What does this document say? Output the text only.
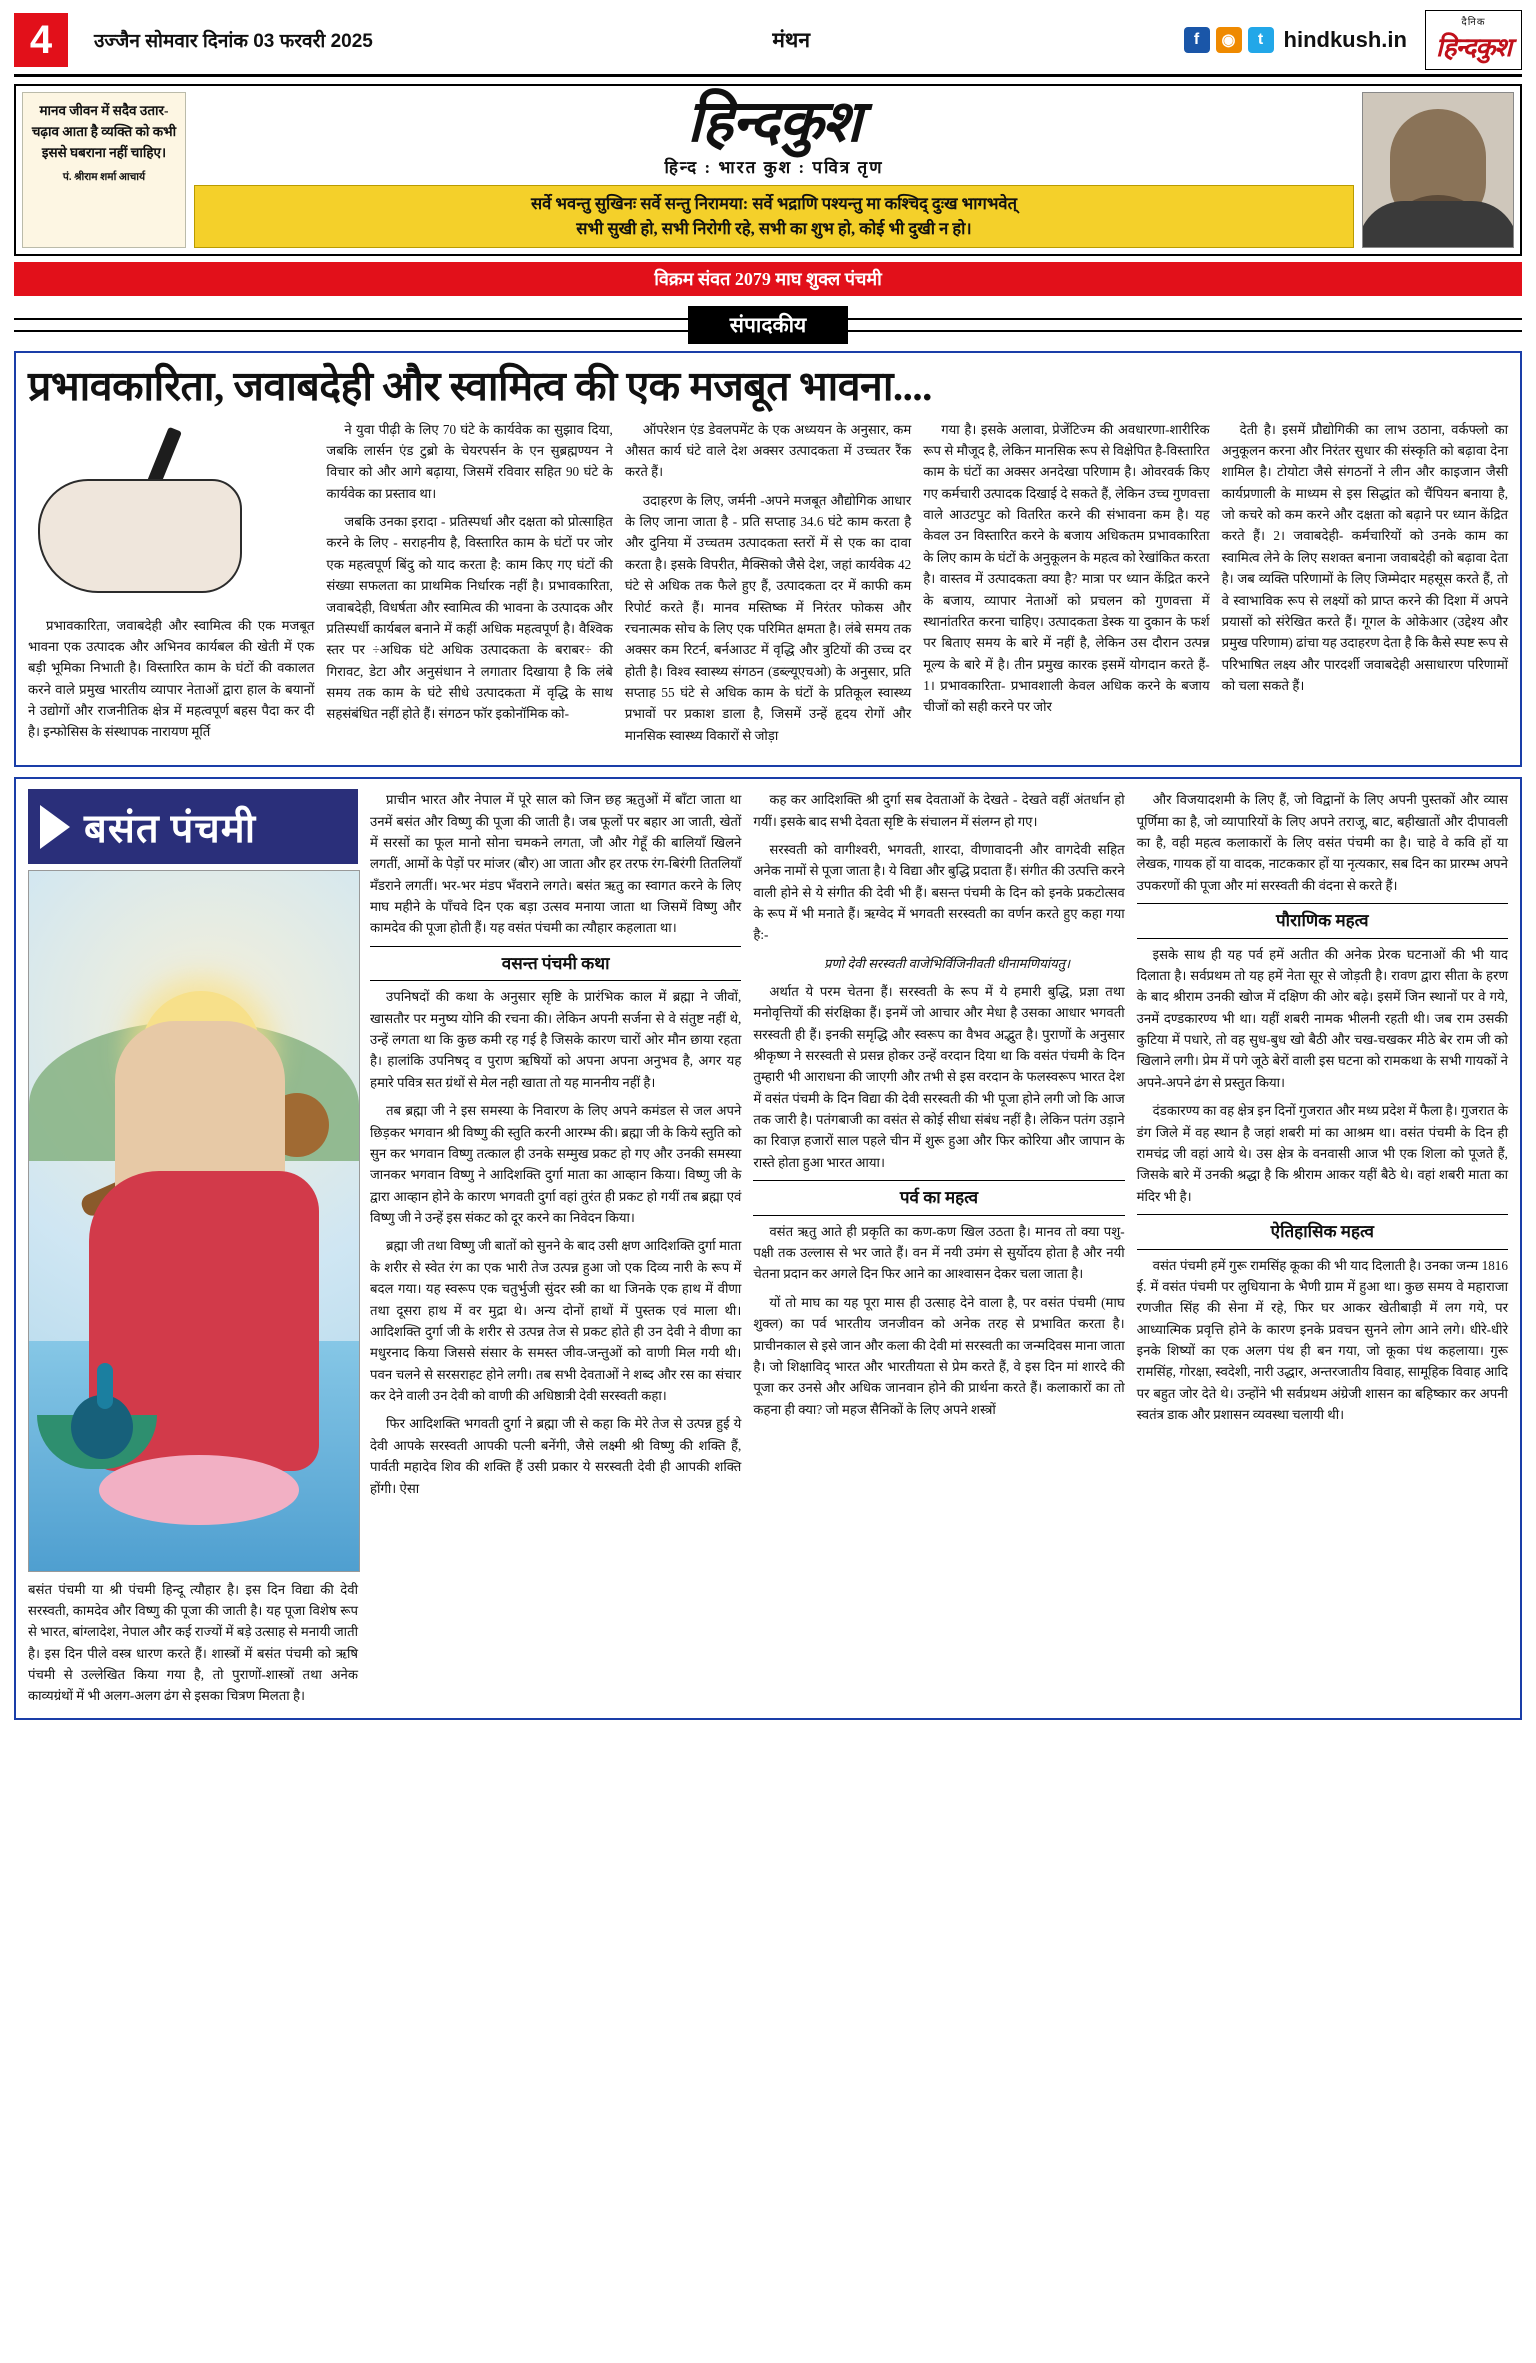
4	उज्जैन सोमवार दिनांक 03 फरवरी 2025	मंथन	f	◉	t hindkush.in
दैनिक
हिन्दकुश
मानव जीवन में सदैव उतार-चढ़ाव आता है व्यक्ति को कभी इससे घबराना नहीं चाहिए।
पं. श्रीराम शर्मा आचार्य
हिन्दकुश
हिन्द : भारत कुश : पवित्र तृण
सर्वे भवन्तु सुखिनः सर्वे सन्तु निरामया: सर्वे भद्राणि पश्यन्तु मा कश्चिद् दुःख भागभवेत्
सभी सुखी हो, सभी निरोगी रहे, सभी का शुभ हो, कोई भी दुखी न हो।
विक्रम संवत 2079 माघ शुक्ल पंचमी
संपादकीय
प्रभावकारिता, जवाबदेही और स्वामित्व की एक मजबूत भावना....

प्रभावकारिता, जवाबदेही और स्वामित्व की एक मजबूत भावना एक उत्पादक और अभिनव कार्यबल की खेती में एक बड़ी भूमिका निभाती है। विस्तारित काम के घंटों की वकालत करने वाले प्रमुख भारतीय व्यापार नेताओं द्वारा हाल के बयानों ने उद्योगों और राजनीतिक क्षेत्र में महत्वपूर्ण बहस पैदा कर दी है। इन्फोसिस के संस्थापक नारायण मूर्ति

ने युवा पीढ़ी के लिए 70 घंटे के कार्यवेक का सुझाव दिया, जबकि लार्सन एंड टुब्रो के चेयरपर्सन के एन सुब्रह्मण्यन ने विचार को और आगे बढ़ाया, जिसमें रविवार सहित 90 घंटे के कार्यवेक का प्रस्ताव था।

जबकि उनका इरादा - प्रतिस्पर्धा और दक्षता को प्रोत्साहित करने के लिए - सराहनीय है, विस्तारित काम के घंटों पर जोर एक महत्वपूर्ण बिंदु को याद करता है: काम किए गए घंटों की संख्या सफलता का प्राथमिक निर्धारक नहीं है। प्रभावकारिता, जवाबदेही, विधर्षता और स्वामित्व की भावना के उत्पादक और प्रतिस्पर्धी कार्यबल बनाने में कहीं अधिक महत्वपूर्ण है। वैश्विक स्तर पर ÷अधिक घंटे अधिक उत्पादकता के बराबर÷ की गिरावट, डेटा और अनुसंधान ने लगातार दिखाया है कि लंबे समय तक काम के घंटे सीधे उत्पादकता में वृद्धि के साथ सहसंबंधित नहीं होते हैं। संगठन फॉर इकोनॉमिक को-

ऑपरेशन एंड डेवलपमेंट के एक अध्ययन के अनुसार, कम औसत कार्य घंटे वाले देश अक्सर उत्पादकता में उच्चतर रैंक करते हैं।

उदाहरण के लिए, जर्मनी -अपने मजबूत औद्योगिक आधार के लिए जाना जाता है - प्रति सप्ताह 34.6 घंटे काम करता है और दुनिया में उच्चतम उत्पादकता स्तरों में से एक का दावा करता है। इसके विपरीत, मैक्सिको जैसे देश, जहां कार्यवेक 42 घंटे से अधिक तक फैले हुए हैं, उत्पादकता दर में काफी कम रिपोर्ट करते हैं। मानव मस्तिष्क में निरंतर फोकस और रचनात्मक सोच के लिए एक परिमित क्षमता है। लंबे समय तक अक्सर कम रिटर्न, बर्नआउट में वृद्धि और त्रुटियों की उच्च दर होती है। विश्व स्वास्थ्य संगठन (डब्ल्यूएचओ) के अनुसार, प्रति सप्ताह 55 घंटे से अधिक काम के घंटों के प्रतिकूल स्वास्थ्य प्रभावों पर प्रकाश डाला है, जिसमें उन्हें हृदय रोगों और मानसिक स्वास्थ्य विकारों से जोड़ा

गया है। इसके अलावा, प्रेजेंटिज्म की अवधारणा-शारीरिक रूप से मौजूद है, लेकिन मानसिक रूप से विक्षेपित है-विस्तारित काम के घंटों का अक्सर अनदेखा परिणाम है। ओवरवर्क किए गए कर्मचारी उत्पादक दिखाई दे सकते हैं, लेकिन उच्च गुणवत्ता वाले आउटपुट को वितरित करने की संभावना कम है। यह केवल उन विस्तारित करने के बजाय अधिकतम प्रभावकारिता के लिए काम के घंटों के अनुकूलन के महत्व को रेखांकित करता है। वास्तव में उत्पादकता क्या है? मात्रा पर ध्यान केंद्रित करने के बजाय, व्यापार नेताओं को प्रचलन को गुणवत्ता में स्थानांतरित करना चाहिए। उत्पादकता डेस्क या दुकान के फर्श पर बिताए समय के बारे में नहीं है, लेकिन उस दौरान उत्पन्न मूल्य के बारे में है। तीन प्रमुख कारक इसमें योगदान करते हैं- 1। प्रभावकारिता- प्रभावशाली केवल अधिक करने के बजाय चीजों को सही करने पर जोर

देती है। इसमें प्रौद्योगिकी का लाभ उठाना, वर्कफ्लो का अनुकूलन करना और निरंतर सुधार की संस्कृति को बढ़ावा देना शामिल है। टोयोटा जैसे संगठनों ने लीन और काइजान जैसी कार्यप्रणाली के माध्यम से इस सिद्धांत को चैंपियन बनाया है, जो कचरे को कम करने और दक्षता को बढ़ाने पर ध्यान केंद्रित करते हैं। 2। जवाबदेही- कर्मचारियों को उनके काम का स्वामित्व लेने के लिए सशक्त बनाना जवाबदेही को बढ़ावा देता है। जब व्यक्ति परिणामों के लिए जिम्मेदार महसूस करते हैं, तो वे स्वाभाविक रूप से लक्ष्यों को प्राप्त करने की दिशा में अपने प्रयासों को संरेखित करते हैं। गूगल के ओकेआर (उद्देश्य और प्रमुख परिणाम) ढांचा यह उदाहरण देता है कि कैसे स्पष्ट रूप से परिभाषित लक्ष्य और पारदर्शी जवाबदेही असाधारण परिणामों को चला सकते हैं।

बसंत पंचमी
बसंत पंचमी या श्री पंचमी हिन्दू त्यौहार है। इस दिन विद्या की देवी सरस्वती, कामदेव और विष्णु की पूजा की जाती है। यह पूजा विशेष रूप से भारत, बांग्लादेश, नेपाल और कई राज्यों में बड़े उत्साह से मनायी जाती है। इस दिन पीले वस्त्र धारण करते हैं। शास्त्रों में बसंत पंचमी को ऋषि पंचमी से उल्लेखित किया गया है, तो पुराणों-शास्त्रों तथा अनेक काव्यग्रंथों में भी अलग-अलग ढंग से इसका चित्रण मिलता है।

प्राचीन भारत और नेपाल में पूरे साल को जिन छह ऋतुओं में बाँटा जाता था उनमें बसंत और विष्णु की पूजा की जाती है। जब फूलों पर बहार आ जाती, खेतों में सरसों का फूल मानो सोना चमकने लगता, जौ और गेहूँ की बालियाँ खिलने लगतीं, आमों के पेड़ों पर मांजर (बौर) आ जाता और हर तरफ रंग-बिरंगी तितलियाँ मँडराने लगतीं। भर-भर मंडप भँवराने लगते। बसंत ऋतु का स्वागत करने के लिए माघ महीने के पाँचवे दिन एक बड़ा उत्सव मनाया जाता था जिसमें विष्णु और कामदेव की पूजा होती हैं। यह वसंत पंचमी का त्यौहार कहलाता था।

वसन्त पंचमी कथा

उपनिषदों की कथा के अनुसार सृष्टि के प्रारंभिक काल में ब्रह्मा ने जीवों, खासतौर पर मनुष्य योनि की रचना की। लेकिन अपनी सर्जना से वे संतुष्ट नहीं थे, उन्हें लगता था कि कुछ कमी रह गई है जिसके कारण चारों ओर मौन छाया रहता है। हालांकि उपनिषद् व पुराण ऋषियों को अपना अपना अनुभव है, अगर यह हमारे पवित्र सत ग्रंथों से मेल नही खाता तो यह माननीय नहीं है।

तब ब्रह्मा जी ने इस समस्या के निवारण के लिए अपने कमंडल से जल अपने छिड़कर भगवान श्री विष्णु की स्तुति करनी आरम्भ की। ब्रह्मा जी के किये स्तुति को सुन कर भगवान विष्णु तत्काल ही उनके सम्मुख प्रकट हो गए और उनकी समस्या जानकर भगवान विष्णु ने आदिशक्ति दुर्गा माता का आव्हान किया। विष्णु जी के द्वारा आव्हान होने के कारण भगवती दुर्गा वहां तुरंत ही प्रकट हो गयीं तब ब्रह्मा एवं विष्णु जी ने उन्हें इस संकट को दूर करने का निवेदन किया।

ब्रह्मा जी तथा विष्णु जी बातों को सुनने के बाद उसी क्षण आदिशक्ति दुर्गा माता के शरीर से स्वेत रंग का एक भारी तेज उत्पन्न हुआ जो एक दिव्य नारी के रूप में बदल गया। यह स्वरूप एक चतुर्भुजी सुंदर स्त्री का था जिनके एक हाथ में वीणा तथा दूसरा हाथ में वर मुद्रा थे। अन्य दोनों हाथों में पुस्तक एवं माला थी। आदिशक्ति दुर्गा जी के शरीर से उत्पन्न तेज से प्रकट होते ही उन देवी ने वीणा का मधुरनाद किया जिससे संसार के समस्त जीव-जन्तुओं को वाणी मिल गयी थी। पवन चलने से सरसराहट होने लगी। तब सभी देवताओं ने शब्द और रस का संचार कर देने वाली उन देवी को वाणी की अधिष्ठात्री देवी सरस्वती कहा।

फिर आदिशक्ति भगवती दुर्गा ने ब्रह्मा जी से कहा कि मेरे तेज से उत्पन्न हुई ये देवी आपके सरस्वती आपकी पत्नी बनेंगी, जैसे लक्ष्मी श्री विष्णु की शक्ति हैं, पार्वती महादेव शिव की शक्ति हैं उसी प्रकार ये सरस्वती देवी ही आपकी शक्ति होंगी। ऐसा

कह कर आदिशक्ति श्री दुर्गा सब देवताओं के देखते - देखते वहीं अंतर्धान हो गयीं। इसके बाद सभी देवता सृष्टि के संचालन में संलग्न हो गए।

सरस्वती को वागीश्वरी, भगवती, शारदा, वीणावादनी और वागदेवी सहित अनेक नामों से पूजा जाता है। ये विद्या और बुद्धि प्रदाता हैं। संगीत की उत्पत्ति करने वाली होने से ये संगीत की देवी भी हैं। बसन्त पंचमी के दिन को इनके प्रकटोत्सव के रूप में भी मनाते हैं। ऋग्वेद में भगवती सरस्वती का वर्णन करते हुए कहा गया है:-

प्रणो देवी सरस्वती वाजेभिर्विजिनीवती धीनामणियांयतु।

अर्थात ये परम चेतना हैं। सरस्वती के रूप में ये हमारी बुद्धि, प्रज्ञा तथा मनोवृत्तियों की संरक्षिका हैं। इनमें जो आचार और मेधा है उसका आधार भगवती सरस्वती ही हैं। इनकी समृद्धि और स्वरूप का वैभव अद्भुत है। पुराणों के अनुसार श्रीकृष्ण ने सरस्वती से प्रसन्न होकर उन्हें वरदान दिया था कि वसंत पंचमी के दिन तुम्हारी भी आराधना की जाएगी और तभी से इस वरदान के फलस्वरूप भारत देश में वसंत पंचमी के दिन विद्या की देवी सरस्वती की भी पूजा होने लगी जो कि आज तक जारी है। पतंगबाजी का वसंत से कोई सीधा संबंध नहीं है। लेकिन पतंग उड़ाने का रिवाज़ हजारों साल पहले चीन में शुरू हुआ और फिर कोरिया और जापान के रास्ते होता हुआ भारत आया।

पर्व का महत्व

वसंत ऋतु आते ही प्रकृति का कण-कण खिल उठता है। मानव तो क्या पशु-पक्षी तक उल्लास से भर जाते हैं। वन में नयी उमंग से सुर्योदय होता है और नयी चेतना प्रदान कर अगले दिन फिर आने का आश्वासन देकर चला जाता है।

यों तो माघ का यह पूरा मास ही उत्साह देने वाला है, पर वसंत पंचमी (माघ शुक्ल) का पर्व भारतीय जनजीवन को अनेक तरह से प्रभावित करता है। प्राचीनकाल से इसे जान और कला की देवी मां सरस्वती का जन्मदिवस माना जाता है। जो शिक्षाविद् भारत और भारतीयता से प्रेम करते हैं, वे इस दिन मां शारदे की पूजा कर उनसे और अधिक जानवान होने की प्रार्थना करते हैं। कलाकारों का तो कहना ही क्या? जो महज सैनिकों के लिए अपने शस्त्रों

और विजयादशमी के लिए हैं, जो विद्वानों के लिए अपनी पुस्तकों और व्यास पूर्णिमा का है, जो व्यापारियों के लिए अपने तराजू, बाट, बहीखातों और दीपावली का है, वही महत्व कलाकारों के लिए वसंत पंचमी का है। चाहे वे कवि हों या लेखक, गायक हों या वादक, नाटककार हों या नृत्यकार, सब दिन का प्रारम्भ अपने उपकरणों की पूजा और मां सरस्वती की वंदना से करते हैं।

पौराणिक महत्व

इसके साथ ही यह पर्व हमें अतीत की अनेक प्रेरक घटनाओं की भी याद दिलाता है। सर्वप्रथम तो यह हमें नेता सूर से जोड़ती है। रावण द्वारा सीता के हरण के बाद श्रीराम उनकी खोज में दक्षिण की ओर बढ़े। इसमें जिन स्थानों पर वे गये, उनमें दण्डकारण्य भी था। यहीं शबरी नामक भीलनी रहती थी। जब राम उसकी कुटिया में पधारे, तो वह सुध-बुध खो बैठी और चख-चखकर मीठे बेर राम जी को खिलाने लगी। प्रेम में पगे जूठे बेरों वाली इस घटना को रामकथा के सभी गायकों ने अपने-अपने ढंग से प्रस्तुत किया।

दंडकारण्य का वह क्षेत्र इन दिनों गुजरात और मध्य प्रदेश में फैला है। गुजरात के डंग जिले में वह स्थान है जहां शबरी मां का आश्रम था। वसंत पंचमी के दिन ही रामचंद्र जी वहां आये थे। उस क्षेत्र के वनवासी आज भी एक शिला को पूजते हैं, जिसके बारे में उनकी श्रद्धा है कि श्रीराम आकर यहीं बैठे थे। वहां शबरी माता का मंदिर भी है।

ऐतिहासिक महत्व

वसंत पंचमी हमें गुरू रामसिंह कूका की भी याद दिलाती है। उनका जन्म 1816 ई. में वसंत पंचमी पर लुधियाना के भैणी ग्राम में हुआ था। कुछ समय वे महाराजा रणजीत सिंह की सेना में रहे, फिर घर आकर खेतीबाड़ी में लग गये, पर आध्यात्मिक प्रवृत्ति होने के कारण इनके प्रवचन सुनने लोग आने लगे। धीरे-धीरे इनके शिष्यों का एक अलग पंथ ही बन गया, जो कूका पंथ कहलाया। गुरू रामसिंह, गोरक्षा, स्वदेशी, नारी उद्धार, अन्तरजातीय विवाह, सामूहिक विवाह आदि पर बहुत जोर देते थे। उन्होंने भी सर्वप्रथम अंग्रेजी शासन का बहिष्कार कर अपनी स्वतंत्र डाक और प्रशासन व्यवस्था चलायी थी।
